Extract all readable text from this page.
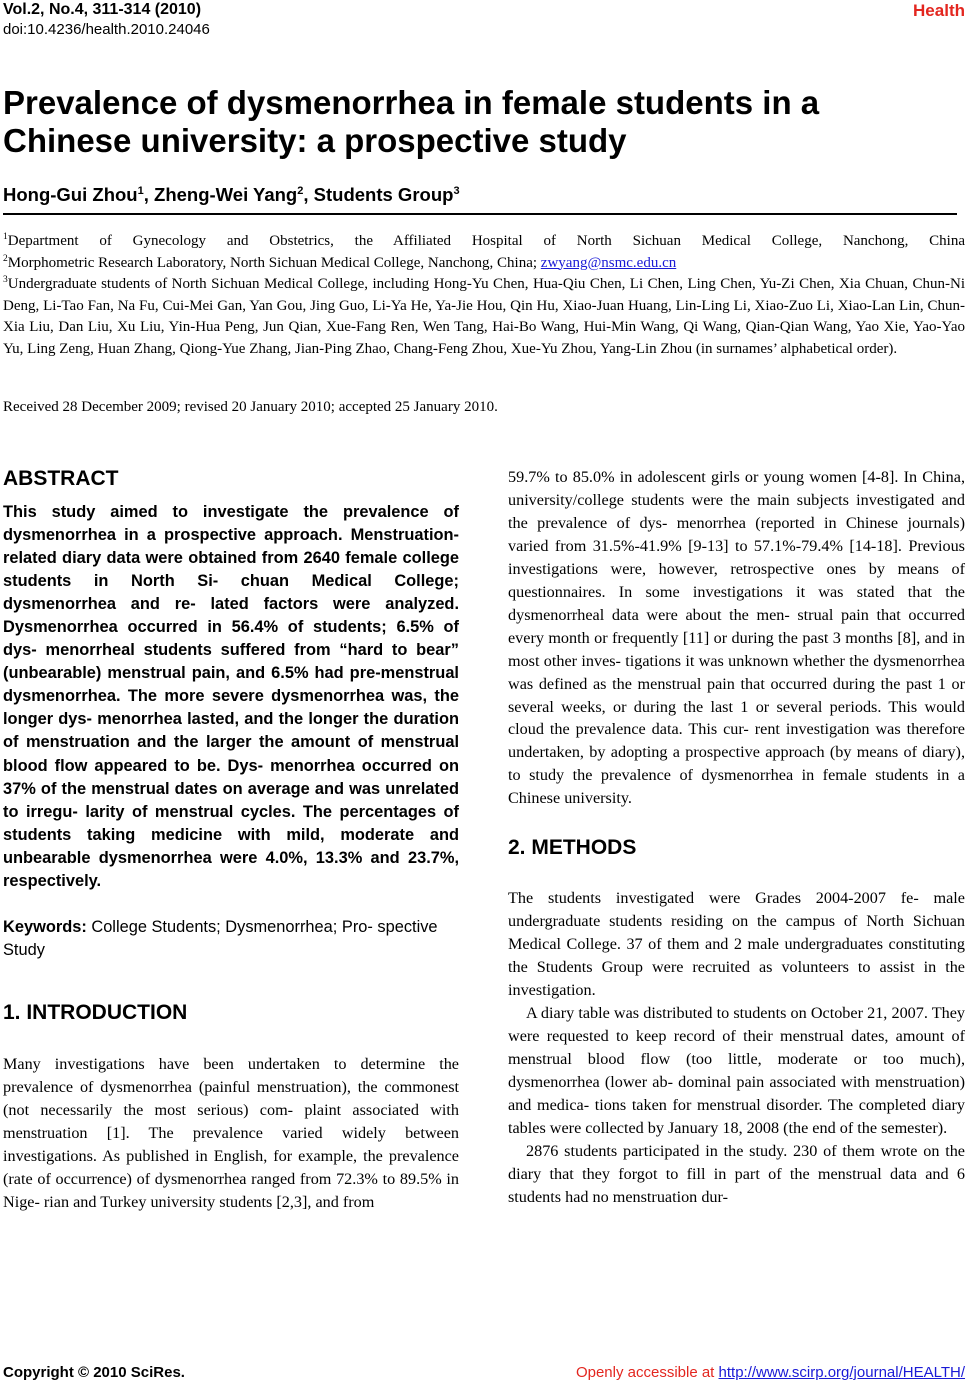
Vol.2, No.4, 311-314 (2010)
doi:10.4236/health.2010.24046
Health
Prevalence of dysmenorrhea in female students in a Chinese university: a prospective study
Hong-Gui Zhou$^1$, Zheng-Wei Yang$^2$, Students Group$^3$

$^1$Department of Gynecology and Obstetrics, the Affiliated Hospital of North Sichuan Medical College, Nanchong, China

$^2$Morphometric Research Laboratory, North Sichuan Medical College, Nanchong, China; zwyang@nsmc.edu.cn

$^3$Undergraduate students of North Sichuan Medical College, including Hong-Yu Chen, Hua-Qiu Chen, Li Chen, Ling Chen, Yu-Zi Chen, Xia Chuan, Chun-Ni Deng, Li-Tao Fan, Na Fu, Cui-Mei Gan, Yan Gou, Jing Guo, Li-Ya He, Ya-Jie Hou, Qin Hu, Xiao-Juan Huang, Lin-Ling Li, Xiao-Zuo Li, Xiao-Lan Lin, Chun-Xia Liu, Dan Liu, Xu Liu, Yin-Hua Peng, Jun Qian, Xue-Fang Ren, Wen Tang, Hai-Bo Wang, Hui-Min Wang, Qi Wang, Qian-Qian Wang, Yao Xie, Yao-Yao Yu, Ling Zeng, Huan Zhang, Qiong-Yue Zhang, Jian-Ping Zhao, Chang-Feng Zhou, Xue-Yu Zhou, Yang-Lin Zhou (in surnames’ alphabetical order).

Received 28 December 2009; revised 20 January 2010; accepted 25 January 2010.
ABSTRACT

This study aimed to investigate the prevalence of dysmenorrhea in a prospective approach. Menstruation-related diary data were obtained from 2640 female college students in North Si- chuan Medical College; dysmenorrhea and re- lated factors were analyzed. Dysmenorrhea occurred in 56.4% of students; 6.5% of dys- menorrheal students suffered from “hard to bear” (unbearable) menstrual pain, and 6.5% had pre-menstrual dysmenorrhea. The more severe dysmenorrhea was, the longer dys- menorrhea lasted, and the longer the duration of menstruation and the larger the amount of menstrual blood flow appeared to be. Dys- menorrhea occurred on 37% of the menstrual dates on average and was unrelated to irregu- larity of menstrual cycles. The percentages of students taking medicine with mild, moderate and unbearable dysmenorrhea were 4.0%, 13.3% and 23.7%, respectively.

Keywords: College Students; Dysmenorrhea; Pro- spective Study

1. INTRODUCTION

Many investigations have been undertaken to determine the prevalence of dysmenorrhea (painful menstruation), the commonest (not necessarily the most serious) com- plaint associated with menstruation [1]. The prevalence varied widely between investigations. As published in English, for example, the prevalence (rate of occurrence) of dysmenorrhea ranged from 72.3% to 89.5% in Nige- rian and Turkey university students [2,3], and from

59.7% to 85.0% in adolescent girls or young women [4-8]. In China, university/college students were the main subjects investigated and the prevalence of dys- menorrhea (reported in Chinese journals) varied from 31.5%-41.9% [9-13] to 57.1%-79.4% [14-18]. Previous investigations were, however, retrospective ones by means of questionnaires. In some investigations it was stated that the dysmenorrheal data were about the men- strual pain that occurred every month or frequently [11] or during the past 3 months [8], and in most other inves- tigations it was unknown whether the dysmenorrhea was defined as the menstrual pain that occurred during the past 1 or several weeks, or during the last 1 or several periods. This would cloud the prevalence data. This cur- rent investigation was therefore undertaken, by adopting a prospective approach (by means of diary), to study the prevalence of dysmenorrhea in female students in a Chinese university.

2. METHODS

The students investigated were Grades 2004-2007 fe- male undergraduate students residing on the campus of North Sichuan Medical College. 37 of them and 2 male undergraduates constituting the Students Group were recruited as volunteers to assist in the investigation.

A diary table was distributed to students on October 21, 2007. They were requested to keep record of their menstrual dates, amount of menstrual blood flow (too little, moderate or too much), dysmenorrhea (lower ab- dominal pain associated with menstruation) and medica- tions taken for menstrual disorder. The completed diary tables were collected by January 18, 2008 (the end of the semester).

2876 students participated in the study. 230 of them wrote on the diary that they forgot to fill in part of the menstrual data and 6 students had no menstruation dur-

Copyright © 2010 SciRes.	Openly accessible at http://www.scirp.org/journal/HEALTH/
